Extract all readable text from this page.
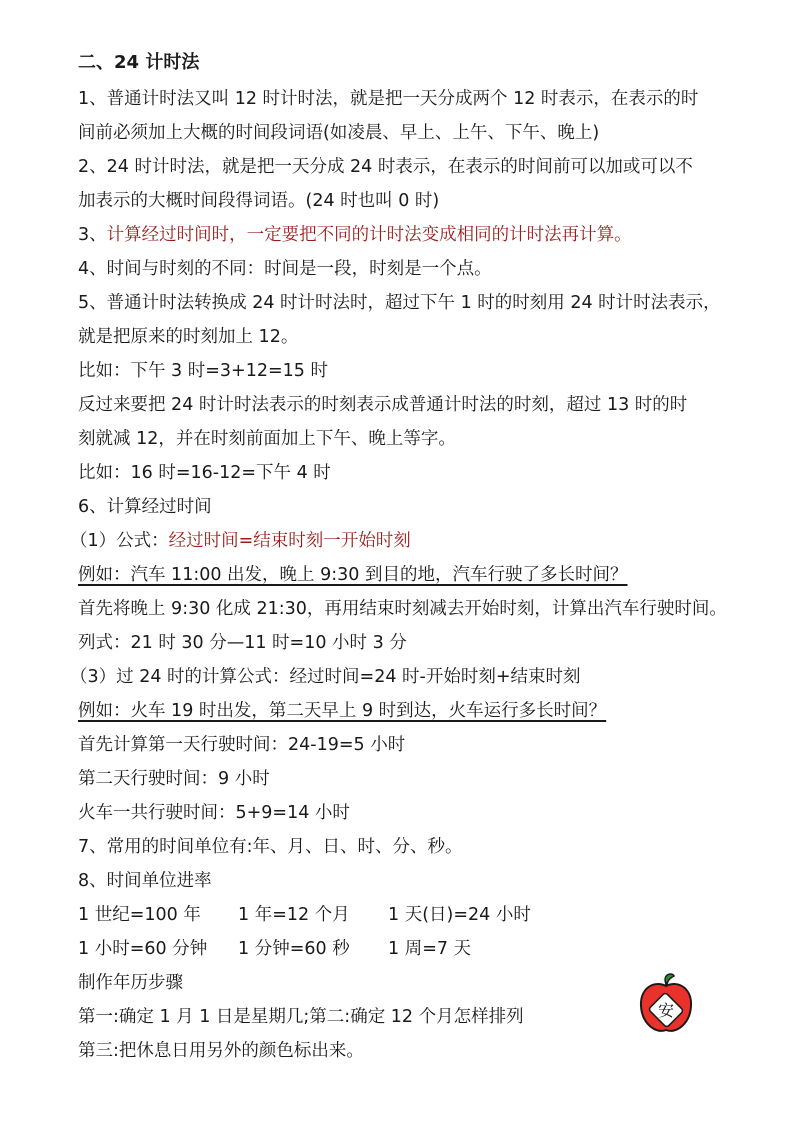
二、24 计时法
1、普通计时法又叫 12 时计时法，就是把一天分成两个 12 时表示，在表示的时
间前必须加上大概的时间段词语(如凌晨、早上、上午、下午、晚上)
2、24 时计时法，就是把一天分成 24 时表示，在表示的时间前可以加或可以不
加表示的大概时间段得词语。(24 时也叫 0 时)
3、计算经过时间时，一定要把不同的计时法变成相同的计时法再计算。
4、时间与时刻的不同：时间是一段，时刻是一个点。
5、普通计时法转换成 24 时计时法时，超过下午 1 时的时刻用 24 时计时法表示，
就是把原来的时刻加上 12。
比如：下午 3 时=3+12=15 时
反过来要把 24 时计时法表示的时刻表示成普通计时法的时刻，超过 13 时的时
刻就减 12，并在时刻前面加上下午、晚上等字。
比如：16 时=16-12=下午 4 时
6、计算经过时间
（1）公式：经过时间=结束时刻一开始时刻
例如：汽车 11:00 出发，晚上 9:30 到目的地，汽车行驶了多长时间？
首先将晚上 9:30 化成 21:30，再用结束时刻减去开始时刻，计算出汽车行驶时间。
列式：21 时 30 分—11 时=10 小时 3 分
（3）过 24 时的计算公式：经过时间=24 时-开始时刻+结束时刻
例如：火车 19 时出发，第二天早上 9 时到达，火车运行多长时间？
首先计算第一天行驶时间：24-19=5 小时
第二天行驶时间：9 小时
火车一共行驶时间：5+9=14 小时
7、常用的时间单位有:年、月、日、时、分、秒。
8、时间单位进率
1 世纪=100 年 1 年=12 个月 1 天(日)=24 小时
1 小时=60 分钟 1 分钟=60 秒 1 周=7 天
制作年历步骤
第一:确定 1 月 1 日是星期几;第二:确定 12 个月怎样排列
第三:把休息日用另外的颜色标出来。
安
